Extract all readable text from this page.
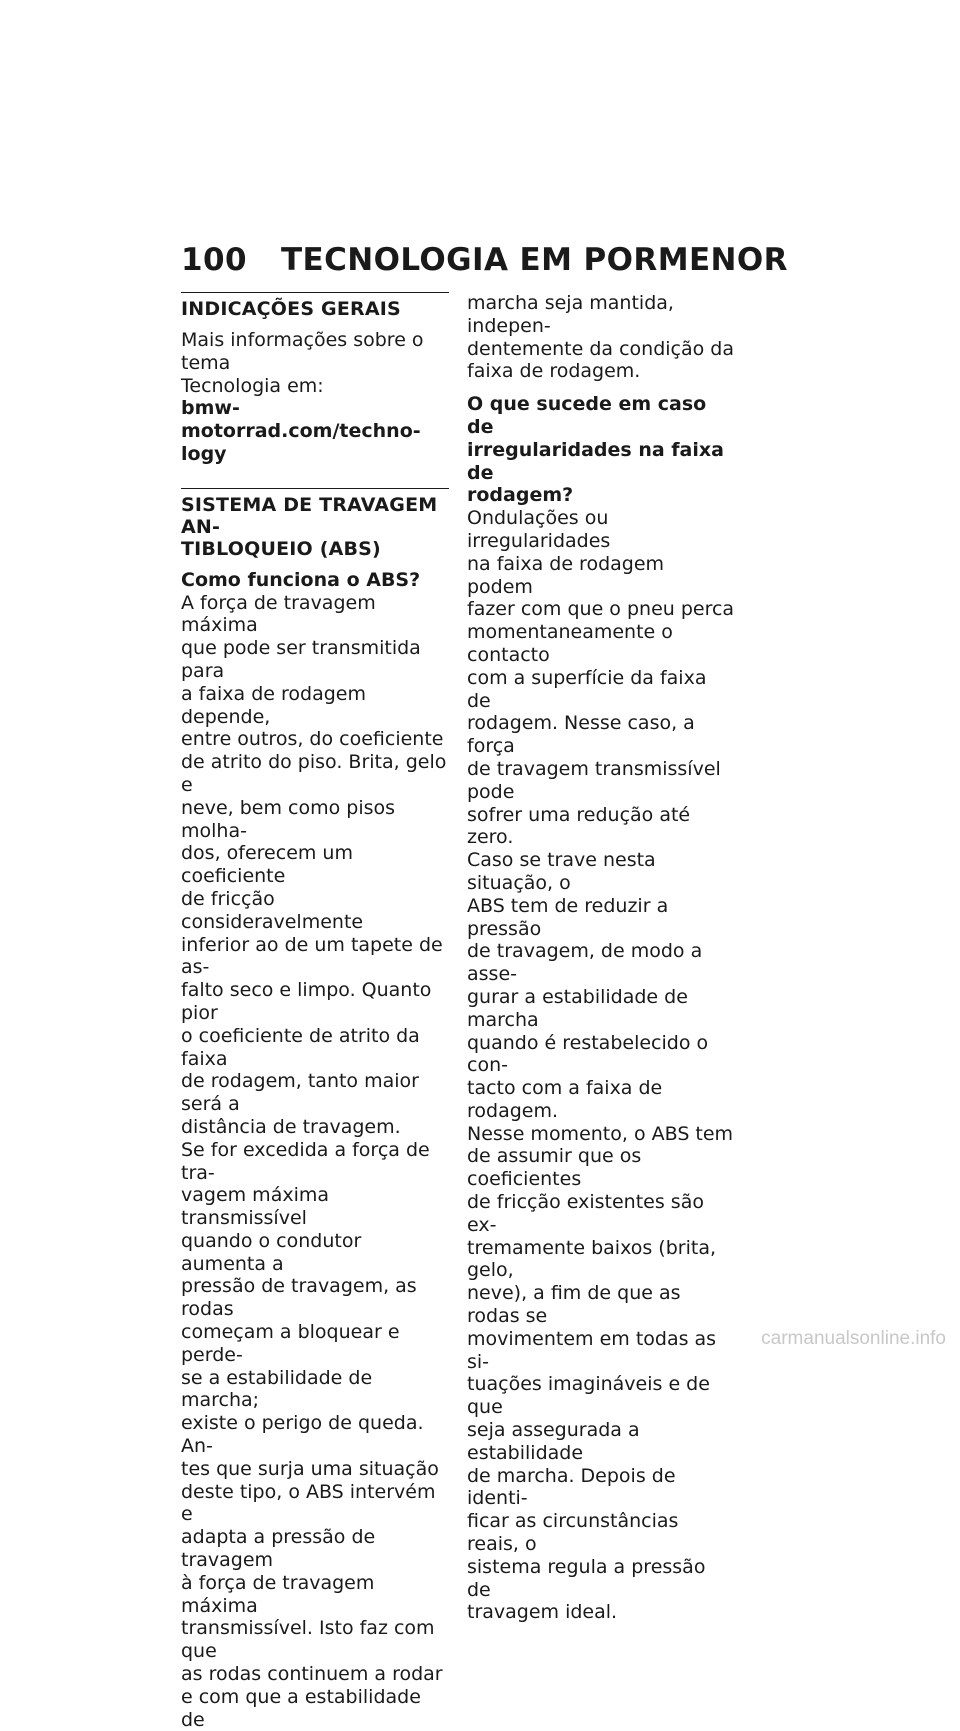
100 TECNOLOGIA EM PORMENOR
INDICAÇÕES GERAIS
Mais informações sobre o tema
Tecnologia em:
bmw-motorrad.com/techno-
logy
SISTEMA DE TRAVAGEM AN-
TIBLOQUEIO (ABS)
Como funciona o ABS?
A força de travagem máxima
que pode ser transmitida para
a faixa de rodagem depende,
entre outros, do coeficiente
de atrito do piso. Brita, gelo e
neve, bem como pisos molha-
dos, oferecem um coeficiente
de fricção consideravelmente
inferior ao de um tapete de as-
falto seco e limpo. Quanto pior
o coeficiente de atrito da faixa
de rodagem, tanto maior será a
distância de travagem.
Se for excedida a força de tra-
vagem máxima transmissível
quando o condutor aumenta a
pressão de travagem, as rodas
começam a bloquear e perde-
se a estabilidade de marcha;
existe o perigo de queda. An-
tes que surja uma situação
deste tipo, o ABS intervém e
adapta a pressão de travagem
à força de travagem máxima
transmissível. Isto faz com que
as rodas continuem a rodar
e com que a estabilidade de
marcha seja mantida, indepen-
dentemente da condição da
faixa de rodagem.
O que sucede em caso de
irregularidades na faixa de
rodagem?
Ondulações ou irregularidades
na faixa de rodagem podem
fazer com que o pneu perca
momentaneamente o contacto
com a superfície da faixa de
rodagem. Nesse caso, a força
de travagem transmissível pode
sofrer uma redução até zero.
Caso se trave nesta situação, o
ABS tem de reduzir a pressão
de travagem, de modo a asse-
gurar a estabilidade de marcha
quando é restabelecido o con-
tacto com a faixa de rodagem.
Nesse momento, o ABS tem
de assumir que os coeficientes
de fricção existentes são ex-
tremamente baixos (brita, gelo,
neve), a fim de que as rodas se
movimentem em todas as si-
tuações imagináveis e de que
seja assegurada a estabilidade
de marcha. Depois de identi-
ficar as circunstâncias reais, o
sistema regula a pressão de
travagem ideal.
carmanualsonline.info
